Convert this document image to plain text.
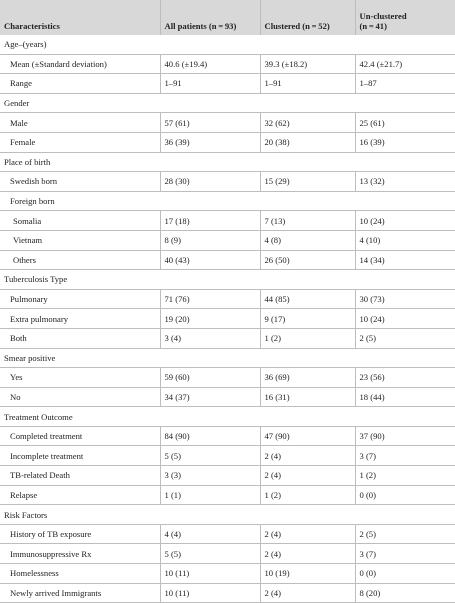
Characteristics	All patients (n = 93)	Clustered (n = 52)	Un-clustered
(n = 41)

Age–(years)			
Mean (±Standard deviation)	40.6 (±19.4)	39.3 (±18.2)	42.4 (±21.7)
Range	1–91	1–91	1–87
Gender			
Male	57 (61)	32 (62)	25 (61)
Female	36 (39)	20 (38)	16 (39)
Place of birth			
Swedish born	28 (30)	15 (29)	13 (32)
Foreign born			
Somalia	17 (18)	7 (13)	10 (24)
Vietnam	8 (9)	4 (8)	4 (10)
Others	40 (43)	26 (50)	14 (34)
Tuberculosis Type			
Pulmonary	71 (76)	44 (85)	30 (73)
Extra pulmonary	19 (20)	9 (17)	10 (24)
Both	3 (4)	1 (2)	2 (5)
Smear positive			
Yes	59 (60)	36 (69)	23 (56)
No	34 (37)	16 (31)	18 (44)
Treatment Outcome			
Completed treatment	84 (90)	47 (90)	37 (90)
Incomplete treatment	5 (5)	2 (4)	3 (7)
TB-related Death	3 (3)	2 (4)	1 (2)
Relapse	1 (1)	1 (2)	0 (0)
Risk Factors			
History of TB exposure	4 (4)	2 (4)	2 (5)
Immunosuppressive Rx	5 (5)	2 (4)	3 (7)
Homelessness	10 (11)	10 (19)	0 (0)
Newly arrived Immigrants	10 (11)	2 (4)	8 (20)
